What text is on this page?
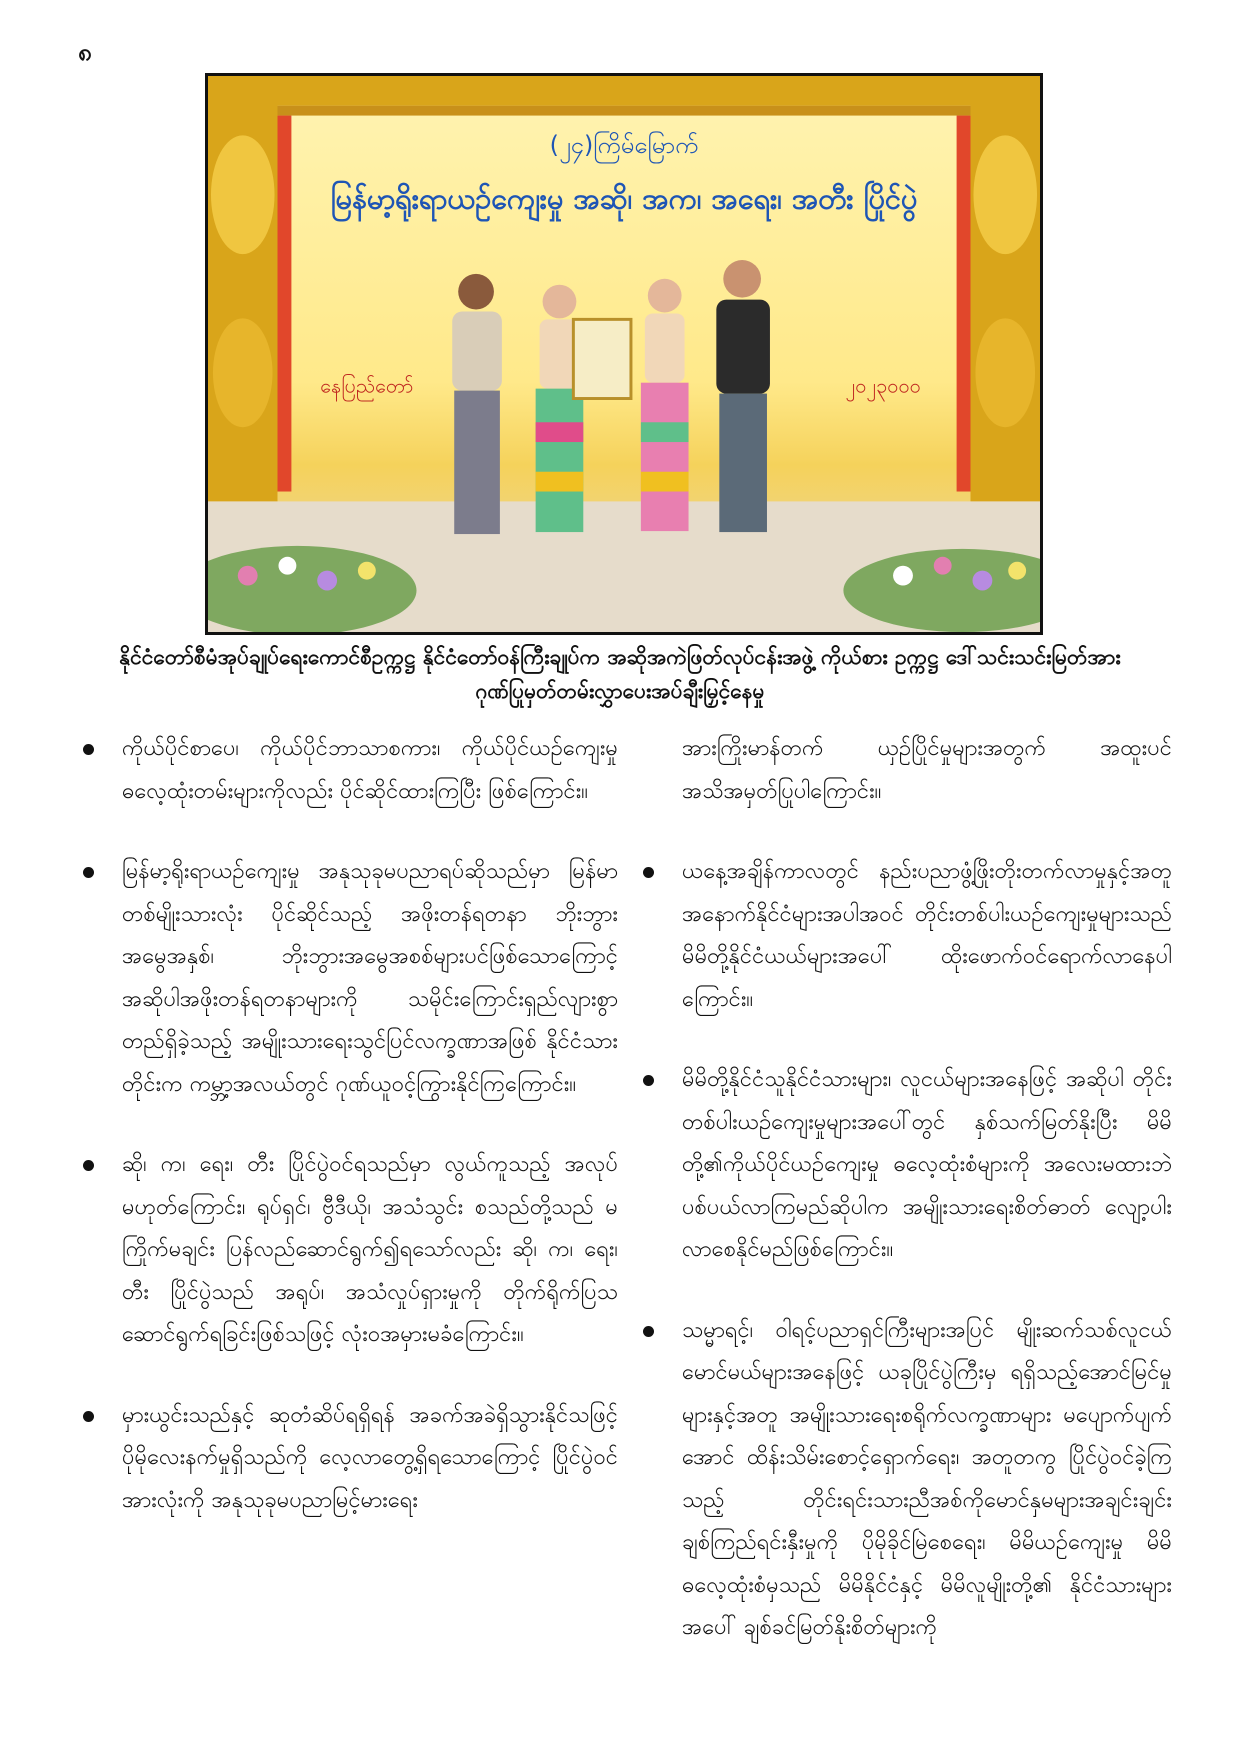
၈
(၂၄)ကြိမ်မြောက်
မြန်မာ့ရိုးရာယဉ်ကျေးမှု အဆို၊ အက၊ အရေး၊ အတီး ပြိုင်ပွဲ
နေပြည်တော်	၂၀၂၃၀၀၀
နိုင်ငံတော်စီမံအုပ်ချုပ်ရေးကောင်စီဥက္ကဋ္ဌ နိုင်ငံတော်ဝန်ကြီးချုပ်က အဆိုအကဲဖြတ်လုပ်ငန်းအဖွဲ့ ကိုယ်စား ဥက္ကဋ္ဌ ဒေါ်သင်းသင်းမြတ်အား
ဂုဏ်ပြုမှတ်တမ်းလွှာပေးအပ်ချီးမြှင့်နေမှု
ကိုယ်ပိုင်စာပေ၊ ကိုယ်ပိုင်ဘာသာစကား၊ ကိုယ်ပိုင်ယဉ်ကျေးမှု ဓလေ့ထုံးတမ်းများကိုလည်း ပိုင်ဆိုင်ထားကြပြီး ဖြစ်ကြောင်း။
မြန်မာ့ရိုးရာယဉ်ကျေးမှု အနုသုခုမပညာရပ်ဆိုသည်မှာ မြန်မာတစ်မျိုးသားလုံး ပိုင်ဆိုင်သည့် အဖိုးတန်ရတနာ ဘိုးဘွားအမွေအနှစ်၊ ဘိုးဘွားအမွေအစစ်များပင်ဖြစ်သောကြောင့် အဆိုပါအဖိုးတန်ရတနာများကို သမိုင်းကြောင်းရှည်လျားစွာ တည်ရှိခဲ့သည့် အမျိုးသားရေးသွင်ပြင်လက္ခဏာအဖြစ် နိုင်ငံသားတိုင်းက ကမ္ဘာ့အလယ်တွင် ဂုဏ်ယူဝင့်ကြွားနိုင်ကြကြောင်း။
ဆို၊ က၊ ရေး၊ တီး ပြိုင်ပွဲဝင်ရသည်မှာ လွယ်ကူသည့် အလုပ်မဟုတ်ကြောင်း၊ ရုပ်ရှင်၊ ဗွီဒီယို၊ အသံသွင်း စသည်တို့သည် မကြိုက်မချင်း ပြန်လည်ဆောင်ရွက်၍ရသော်လည်း ဆို၊ က၊ ရေး၊ တီး ပြိုင်ပွဲသည် အရုပ်၊ အသံလှုပ်ရှားမှုကို တိုက်ရိုက်ပြသဆောင်ရွက်ရခြင်းဖြစ်သဖြင့် လုံးဝအမှားမခံကြောင်း။
မှားယွင်းသည်နှင့် ဆုတံဆိပ်ရရှိရန် အခက်အခဲရှိသွားနိုင်သဖြင့် ပိုမိုလေးနက်မှုရှိသည်ကို လေ့လာတွေ့ရှိရသောကြောင့် ပြိုင်ပွဲဝင်အားလုံးကို အနုသုခုမပညာမြင့်မားရေး
အားကြိုးမာန်တက် ယှဉ်ပြိုင်မှုများအတွက် အထူးပင်အသိအမှတ်ပြုပါကြောင်း။
ယနေ့အချိန်ကာလတွင် နည်းပညာဖွံ့ဖြိုးတိုးတက်လာမှုနှင့်အတူ အနောက်နိုင်ငံများအပါအဝင် တိုင်းတစ်ပါးယဉ်ကျေးမှုများသည် မိမိတို့နိုင်ငံယယ်များအပေါ် ထိုးဖောက်ဝင်ရောက်လာနေပါကြောင်း။
မိမိတို့နိုင်ငံသူနိုင်ငံသားများ၊ လူငယ်များအနေဖြင့် အဆိုပါ တိုင်းတစ်ပါးယဉ်ကျေးမှုများအပေါ်တွင် နှစ်သက်မြတ်နိုးပြီး မိမိတို့၏ကိုယ်ပိုင်ယဉ်ကျေးမှု ဓလေ့ထုံးစံများကို အလေးမထားဘဲ ပစ်ပယ်လာကြမည်ဆိုပါက အမျိုးသားရေးစိတ်ဓာတ် လျော့ပါးလာစေနိုင်မည်ဖြစ်ကြောင်း။
သမ္မာရင့်၊ ဝါရင့်ပညာရှင်ကြီးများအပြင် မျိုးဆက်သစ်လူငယ်မောင်မယ်များအနေဖြင့် ယခုပြိုင်ပွဲကြီးမှ ရရှိသည့်အောင်မြင်မှုများနှင့်အတူ အမျိုးသားရေးစရိုက်လက္ခဏာများ မပျောက်ပျက်အောင် ထိန်းသိမ်းစောင့်ရှောက်ရေး၊ အတူတကွ ပြိုင်ပွဲဝင်ခဲ့ကြသည့် တိုင်းရင်းသားညီအစ်ကိုမောင်နှမများအချင်းချင်း ချစ်ကြည်ရင်းနှီးမှုကို ပိုမိုခိုင်မြဲစေရေး၊ မိမိယဉ်ကျေးမှု မိမိဓလေ့ထုံးစံမှသည် မိမိနိုင်ငံနှင့် မိမိလူမျိုးတို့၏ နိုင်ငံသားများအပေါ် ချစ်ခင်မြတ်နိုးစိတ်များကို
